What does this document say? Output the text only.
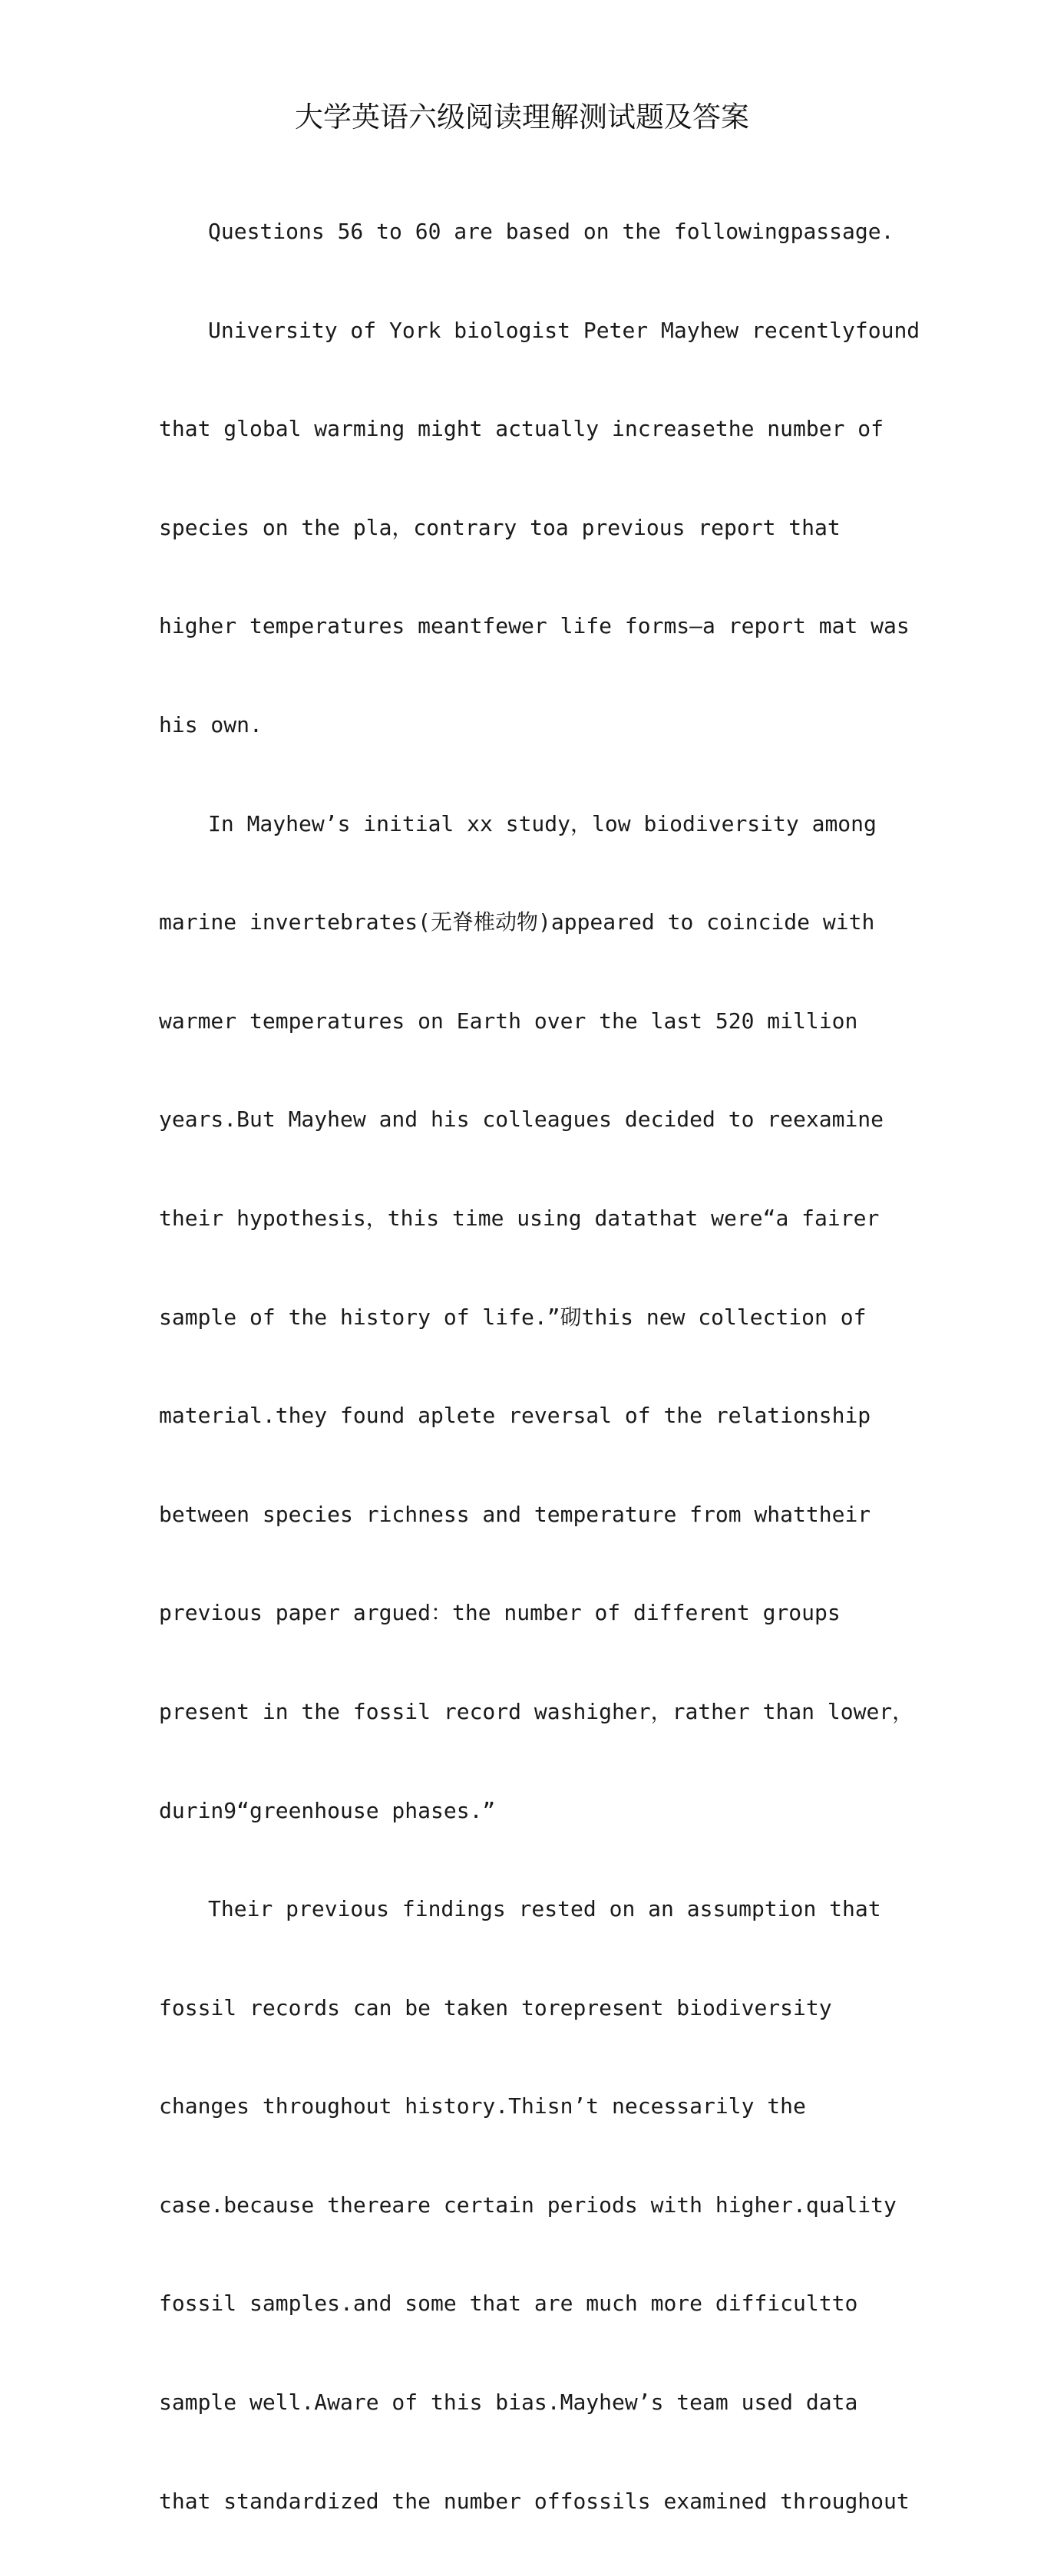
大学英语六级阅读理解测试题及答案

Questions 56 to 60 are based on the followingpassage.

University of York biologist Peter Mayhew recentlyfound

that global warming might actually increasethe number of

species on the pla，contrary toa previous report that

higher temperatures meantfewer life forms—a report mat was

his own.

In Mayhew’s initial xx study，low biodiversity among

marine invertebrates(无脊椎动物)appeared to coincide with

warmer temperatures on Earth over the last 520 million

years.But Mayhew and his colleagues decided to reexamine

their hypothesis，this time using datathat were“a fairer

sample of the history of life.”砌this new collection of

material.they found aplete reversal of the relationship

between species richness and temperature from whattheir

previous paper argued：the number of different groups

present in the fossil record washigher，rather than lower，

durin9“greenhouse phases.”

Their previous findings rested on an assumption that

fossil records can be taken torepresent biodiversity

changes throughout history.Thisn’t necessarily the

case.because thereare certain periods with higher.quality

fossil samples.and some that are much more difficultto

sample well.Aware of this bias.Mayhew’s team used data

that standardized the number offossils examined throughout
